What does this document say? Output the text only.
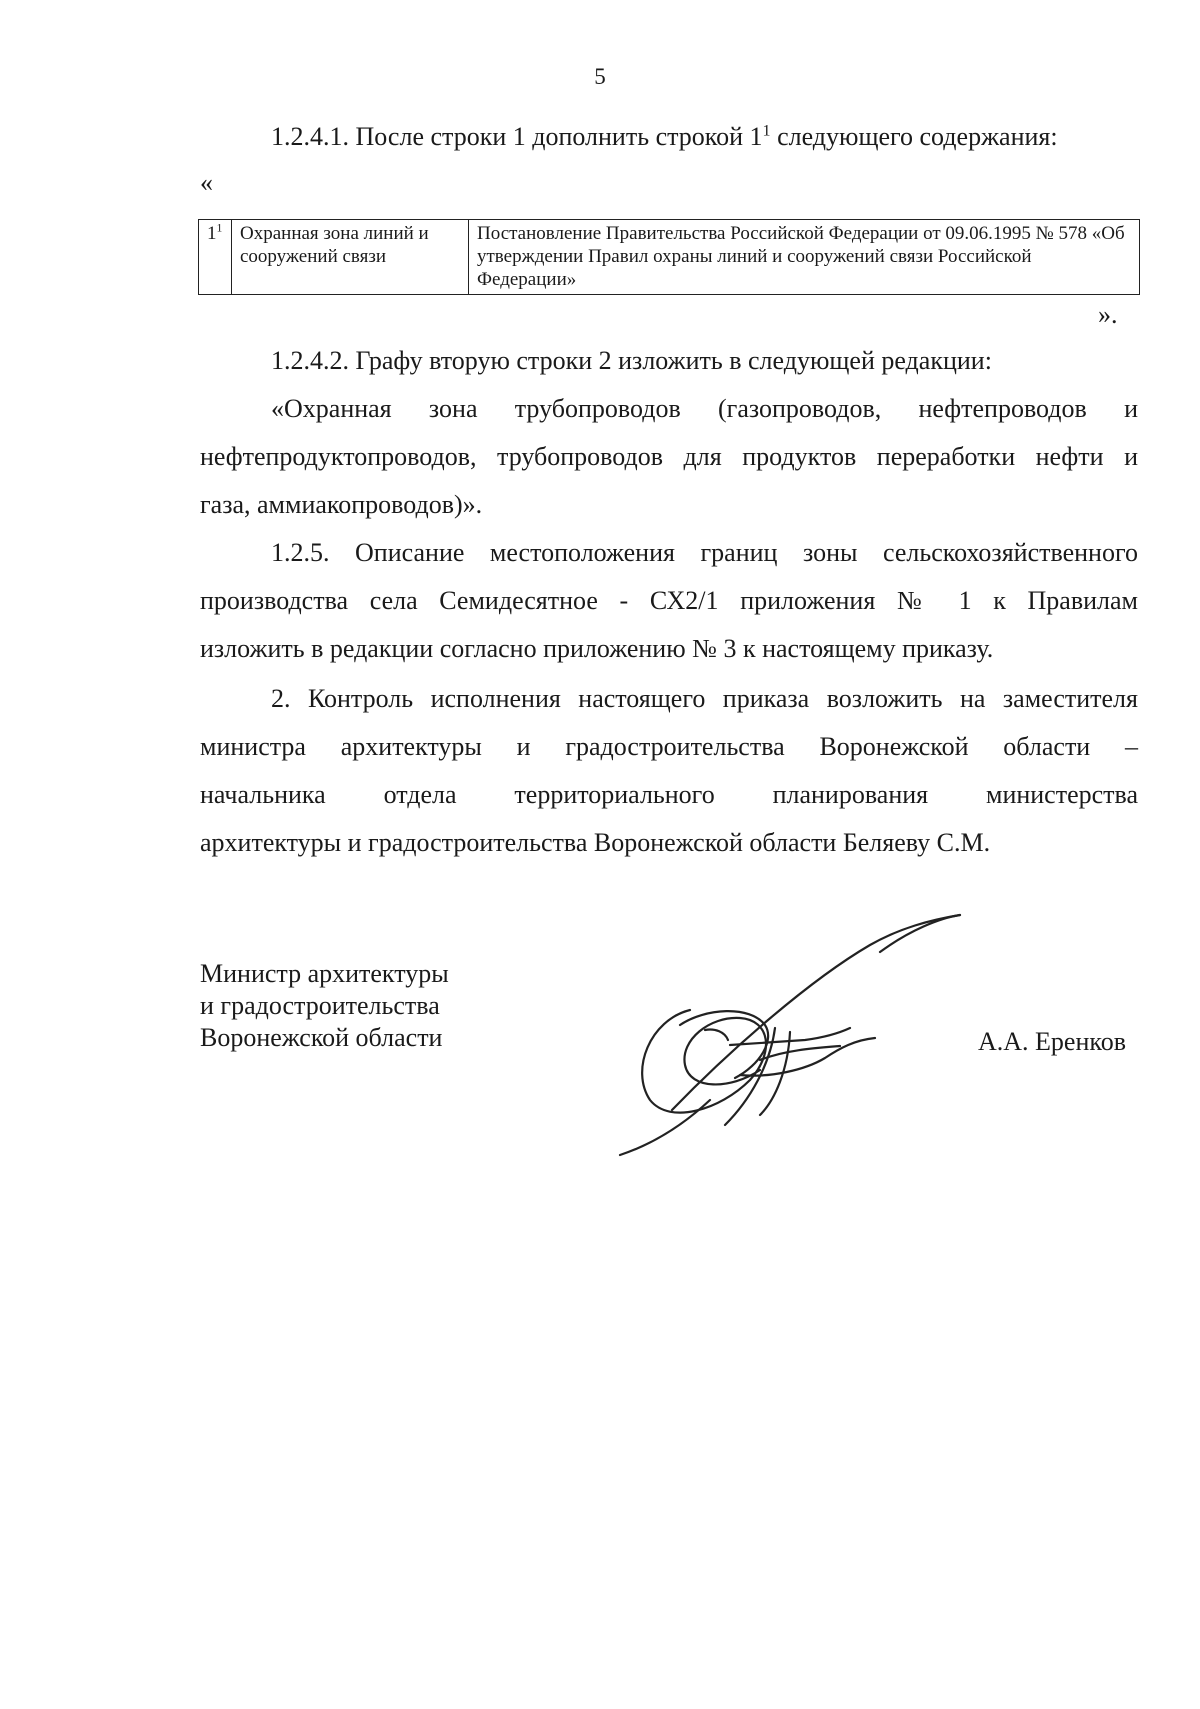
5

1.2.4.1. После строки 1 дополнить строкой $1^1$ следующего содержания:

«
$1^1$	Охранная зона линий и сооружений связи	Постановление Правительства Российской Федерации от 09.06.1995 № 578 «Об утверждении Правил охраны линий и сооружений связи Российской Федерации»
».

1.2.4.2. Графу вторую строки 2 изложить в следующей редакции:

«Охранная зона трубопроводов (газопроводов, нефтепроводов и
нефтепродуктопроводов, трубопроводов для продуктов переработки нефти и
газа, аммиакопроводов)».
1.2.5. Описание местоположения границ зоны сельскохозяйственного
производства села Семидесятное - СХ2/1 приложения № 1 к Правилам
изложить в редакции согласно приложению № 3 к настоящему приказу.
2. Контроль исполнения настоящего приказа возложить на заместителя
министра архитектуры и градостроительства Воронежской области –
начальника отдела территориального планирования министерства
архитектуры и градостроительства Воронежской области Беляеву С.М.
Министр архитектуры
и градостроительства
Воронежской области	А.А. Еренков
